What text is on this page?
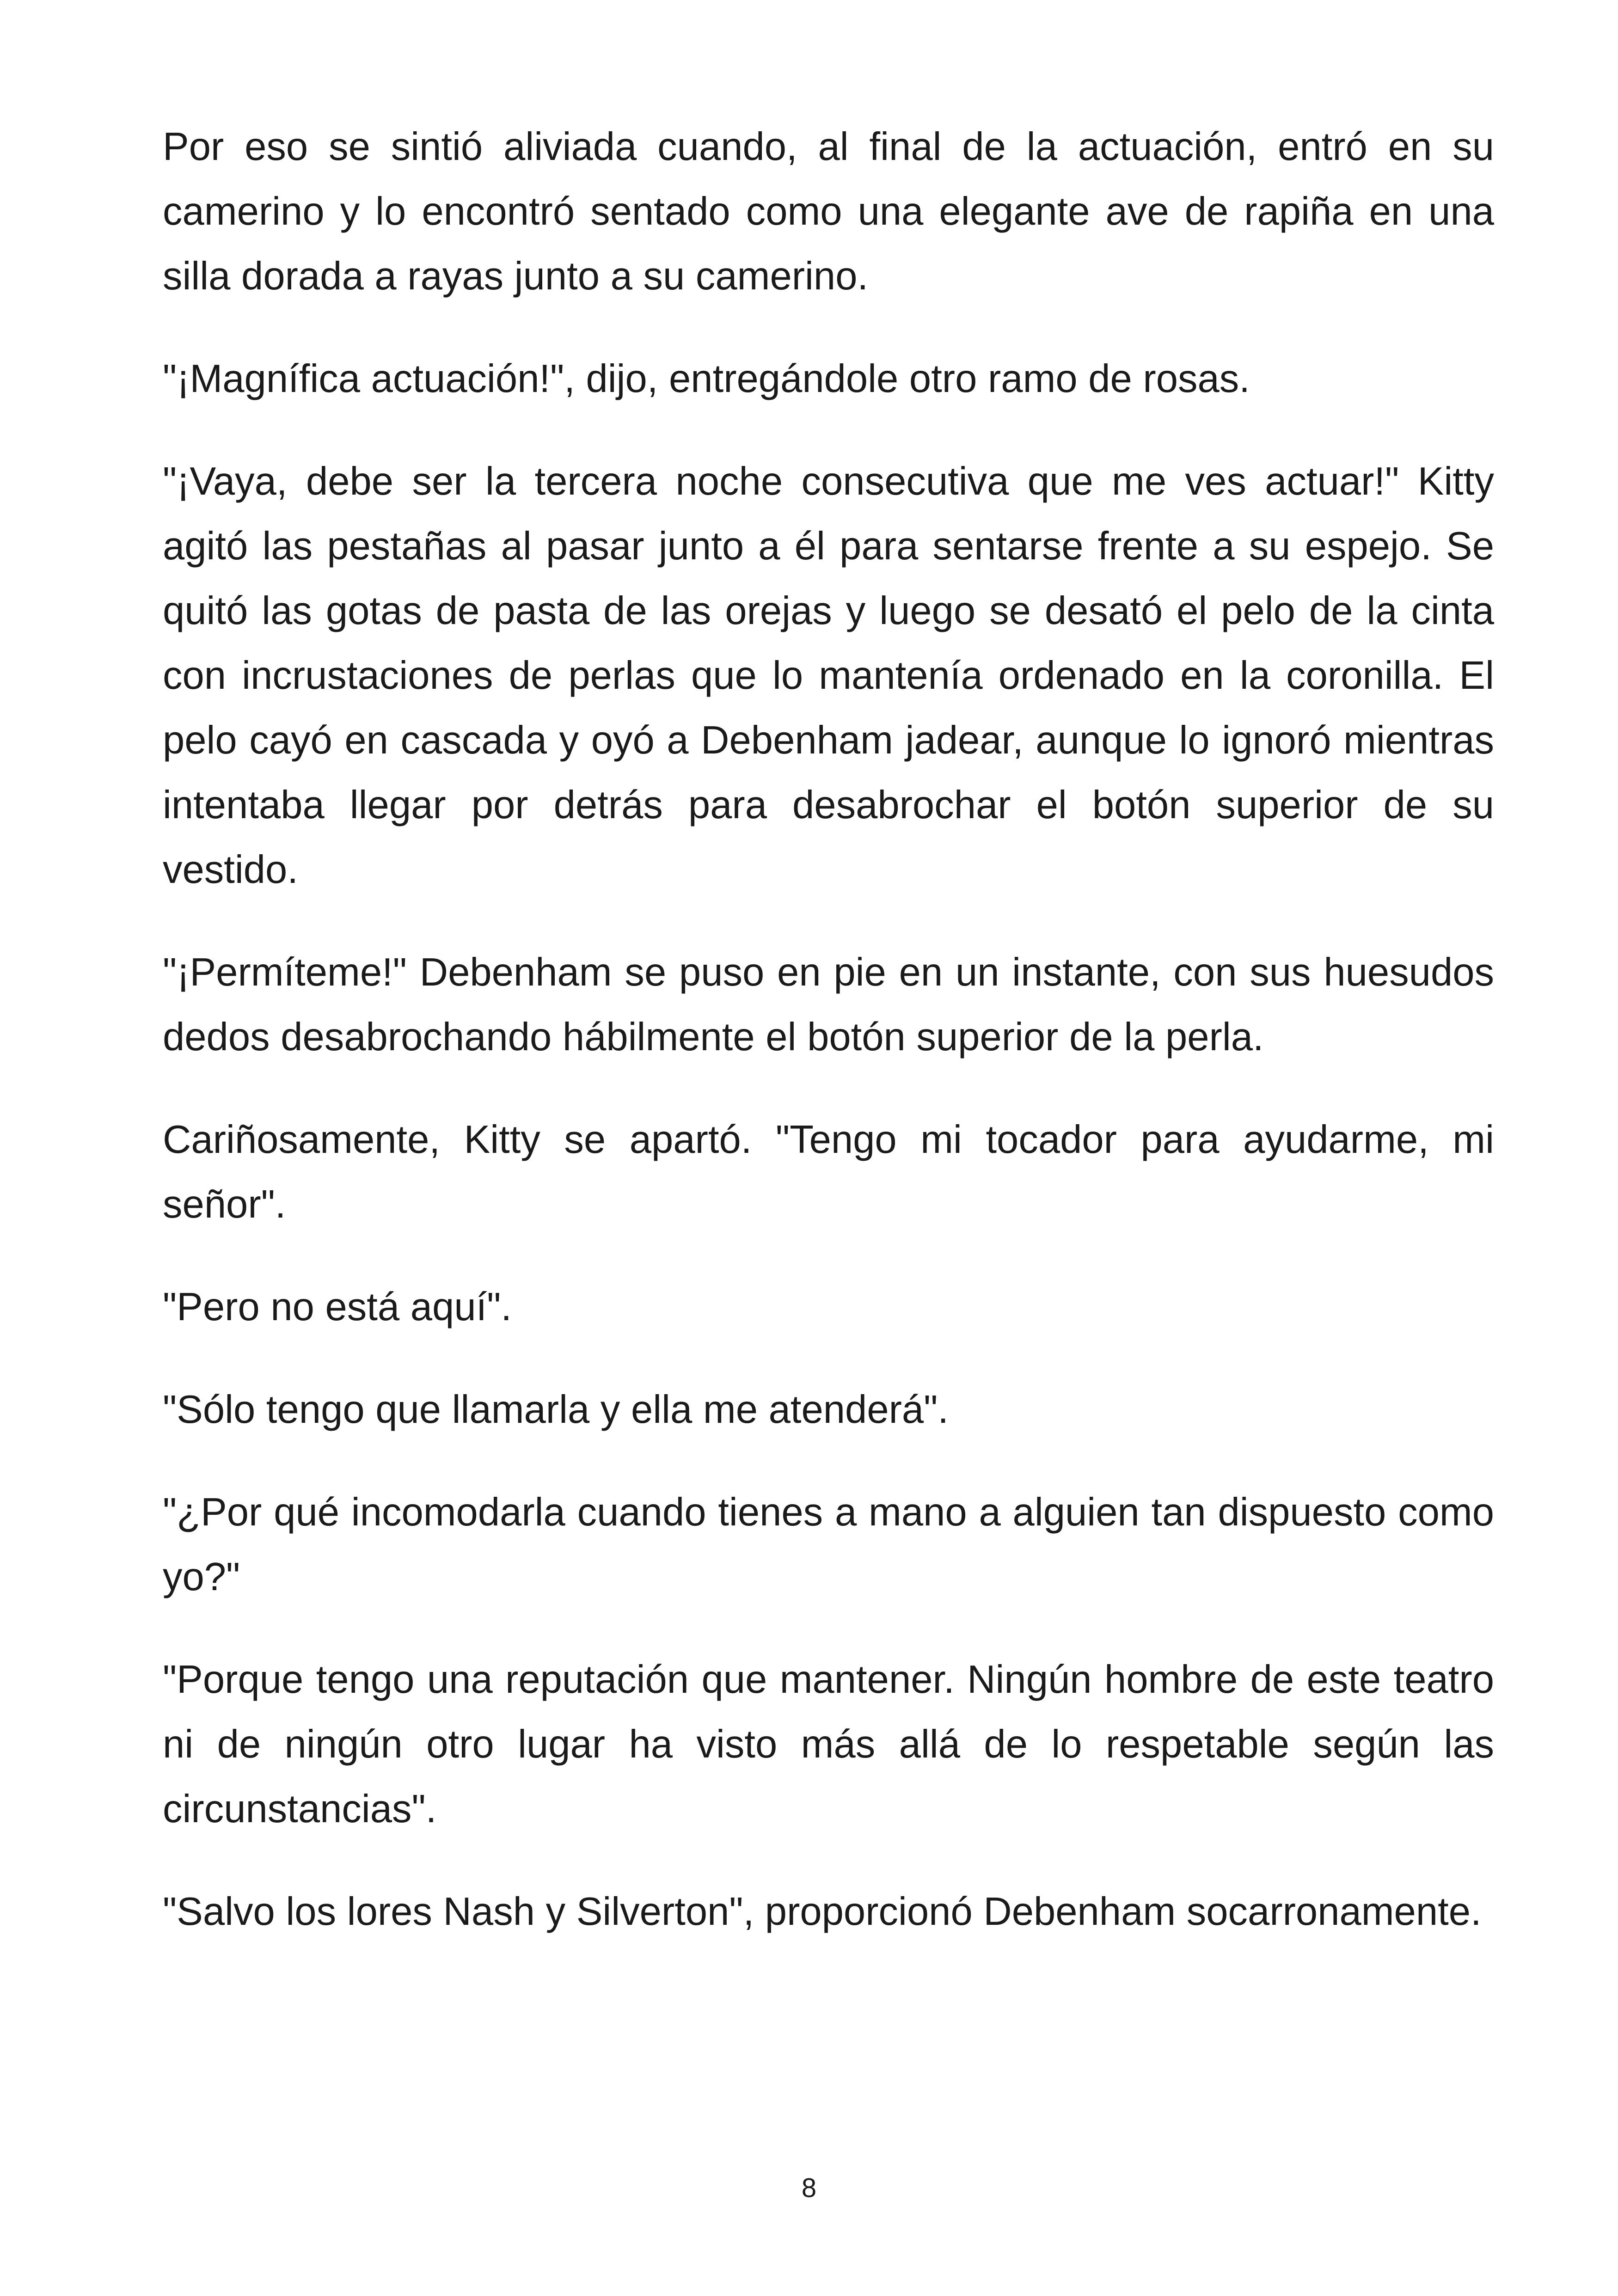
Por eso se sintió aliviada cuando, al final de la actuación, entró en su camerino y lo encontró sentado como una elegante ave de rapiña en una silla dorada a rayas junto a su camerino.

"¡Magnífica actuación!", dijo, entregándole otro ramo de rosas.

"¡Vaya, debe ser la tercera noche consecutiva que me ves actuar!" Kitty agitó las pestañas al pasar junto a él para sentarse frente a su espejo. Se quitó las gotas de pasta de las orejas y luego se desató el pelo de la cinta con incrustaciones de perlas que lo mantenía ordenado en la coronilla. El pelo cayó en cascada y oyó a Debenham jadear, aunque lo ignoró mientras intentaba llegar por detrás para desabrochar el botón superior de su vestido.

"¡Permíteme!" Debenham se puso en pie en un instante, con sus huesudos dedos desabrochando hábilmente el botón superior de la perla.

Cariñosamente, Kitty se apartó. "Tengo mi tocador para ayudarme, mi señor".

"Pero no está aquí".

"Sólo tengo que llamarla y ella me atenderá".

"¿Por qué incomodarla cuando tienes a mano a alguien tan dispuesto como yo?"

"Porque tengo una reputación que mantener. Ningún hombre de este teatro ni de ningún otro lugar ha visto más allá de lo respetable según las circunstancias".

"Salvo los lores Nash y Silverton", proporcionó Debenham socarronamente.

8
